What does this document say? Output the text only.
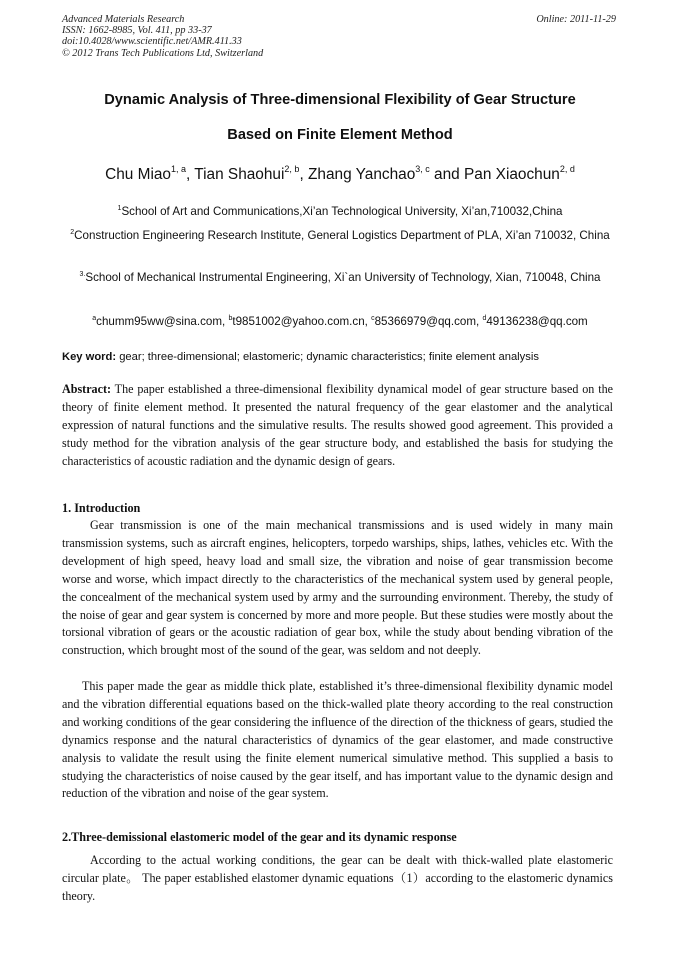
Advanced Materials Research
ISSN: 1662-8985, Vol. 411, pp 33-37
doi:10.4028/www.scientific.net/AMR.411.33
© 2012 Trans Tech Publications Ltd, Switzerland
Online: 2011-11-29
Dynamic Analysis of Three-dimensional Flexibility of Gear Structure
Based on Finite Element Method
Chu Miao$^{1, a}$, Tian Shaohui$^{2, b}$, Zhang Yanchao$^{3, c}$ and Pan Xiaochun$^{2, d}$
$^1$School of Art and Communications,Xi’an Technological University, Xi’an,710032,China
$^2$Construction Engineering Research Institute, General Logistics Department of PLA, Xi’an 710032, China
$^{3.}$School of Mechanical Instrumental Engineering, Xi`an University of Technology, Xian, 710048, China
$^a$chumm95ww@sina.com, $^b$t9851002@yahoo.com.cn, $^c$85366979@qq.com, $^d$49136238@qq.com
Key word: gear; three-dimensional; elastomeric; dynamic characteristics; finite element analysis
Abstract: The paper established a three-dimensional flexibility dynamical model of gear structure based on the theory of finite element method. It presented the natural frequency of the gear elastomer and the analytical expression of natural functions and the simulative results. The results showed good agreement. This provided a study method for the vibration analysis of the gear structure body, and established the basis for studying the characteristics of acoustic radiation and the dynamic design of gears.
1. Introduction
Gear transmission is one of the main mechanical transmissions and is used widely in many main transmission systems, such as aircraft engines, helicopters, torpedo warships, ships, lathes, vehicles etc. With the development of high speed, heavy load and small size, the vibration and noise of gear transmission become worse and worse, which impact directly to the characteristics of the mechanical system used by general people, the concealment of the mechanical system used by army and the surrounding environment. Thereby, the study of the noise of gear and gear system is concerned by more and more people. But these studies were mostly about the torsional vibration of gears or the acoustic radiation of gear box, while the study about bending vibration of the construction, which brought most of the sound of the gear, was seldom and not deeply.
This paper made the gear as middle thick plate, established it’s three-dimensional flexibility dynamic model and the vibration differential equations based on the thick-walled plate theory according to the real construction and working conditions of the gear considering the influence of the direction of the thickness of gears, studied the dynamics response and the natural characteristics of dynamics of the gear elastomer, and made constructive analysis to validate the result using the finite element numerical simulative method. This supplied a basis to studying the characteristics of noise caused by the gear itself, and has important value to the dynamic design and reduction of the vibration and noise of the gear system.
2.Three-demissional elastomeric model of the gear and its dynamic response
According to the actual working conditions, the gear can be dealt with thick-walled plate elastomeric circular plate。 The paper established elastomer dynamic equations（1）according to the elastomeric dynamics theory.
